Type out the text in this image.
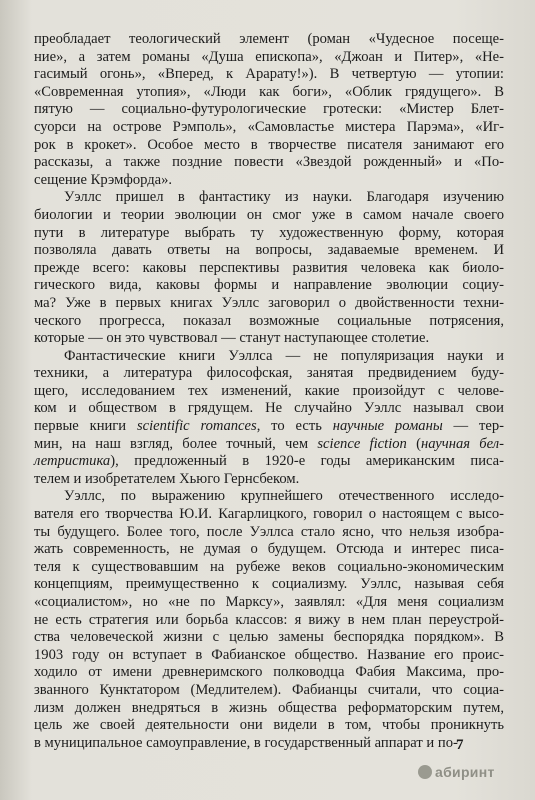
преобладает теологический элемент (роман «Чудесное посеще-
ние», а затем романы «Душа епископа», «Джоан и Питер», «Не-
гасимый огонь», «Вперед, к Арарату!»). В четвертую — утопии:
«Современная утопия», «Люди как боги», «Облик грядущего». В
пятую — социально-футурологические гротески: «Мистер Блет-
суорси на острове Рэмполь», «Самовластье мистера Парэма», «Иг-
рок в крокет». Особое место в творчестве писателя занимают его
рассказы, а также поздние повести «Звездой рожденный» и «По-
сещение Крэмфорда».
Уэллс пришел в фантастику из науки. Благодаря изучению
биологии и теории эволюции он смог уже в самом начале своего
пути в литературе выбрать ту художественную форму, которая
позволяла давать ответы на вопросы, задаваемые временем. И
прежде всего: каковы перспективы развития человека как биоло-
гического вида, каковы формы и направление эволюции социу-
ма? Уже в первых книгах Уэллс заговорил о двойственности техни-
ческого прогресса, показал возможные социальные потрясения,
которые — он это чувствовал — станут наступающее столетие.
Фантастические книги Уэллса — не популяризация науки и
техники, а литература философская, занятая предвидением буду-
щего, исследованием тех изменений, какие произойдут с челове-
ком и обществом в грядущем. Не случайно Уэллс называл свои
первые книги scientific romances, то есть научные романы — тер-
мин, на наш взгляд, более точный, чем science fiction (научная бел-
летристика), предложенный в 1920-е годы американским писа-
телем и изобретателем Хьюго Гернсбеком.
Уэллс, по выражению крупнейшего отечественного исследо-
вателя его творчества Ю.И. Кагарлицкого, говорил о настоящем с высо-
ты будущего. Более того, после Уэллса стало ясно, что нельзя изобра-
жать современность, не думая о будущем. Отсюда и интерес писа-
теля к существовавшим на рубеже веков социально-экономическим
концепциям, преимущественно к социализму. Уэллс, называя себя
«социалистом», но «не по Марксу», заявлял: «Для меня социализм
не есть стратегия или борьба классов: я вижу в нем план переустрой-
ства человеческой жизни с целью замены беспорядка порядком». В
1903 году он вступает в Фабианское общество. Название его проис-
ходило от имени древнеримского полководца Фабия Максима, про-
званного Кунктатором (Медлителем). Фабианцы считали, что социа-
лизм должен внедряться в жизнь общества реформаторским путем,
цель же своей деятельности они видели в том, чтобы проникнуть
в муниципальное самоуправление, в государственный аппарат и по-
7
абиринт
